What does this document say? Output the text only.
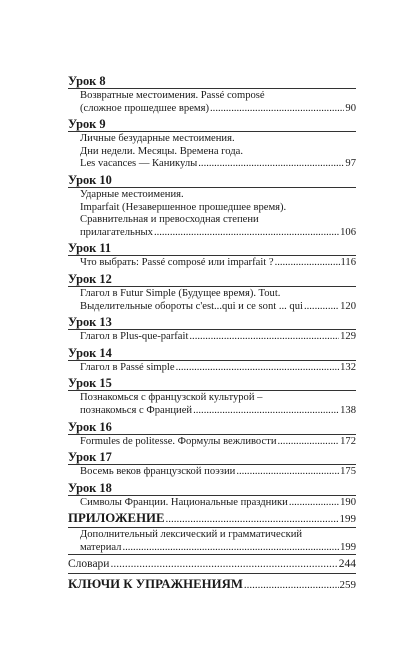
Урок 8
Возвратные местоимения. Passé composé
(сложное прошедшее время) .....	90
Урок 9
Личные безударные местоимения.
Дни недели. Месяцы. Времена года.
Les vacances — Каникулы .....	97
Урок 10
Ударные местоимения.
Imparfait (Незавершенное прошедшее время).
Сравнительная и превосходная степени
прилагательных .....	106
Урок 11
Что выбрать: Passé composé или imparfait ? .....	116
Урок 12
Глагол в Futur Simple (Будущее время). Tout.
Выделительные обороты c'est...qui и ce sont ... qui .....	120
Урок 13
Глагол в Plus-que-parfait .....	129
Урок 14
Глагол в Passé simple .....	132
Урок 15
Познакомься с французской культурой –
познакомься с Францией .....	138
Урок 16
Formules de politesse. Формулы вежливости .....	172
Урок 17
Восемь веков французской поэзии .....	175
Урок 18
Символы Франции. Национальные праздники .....	190
ПРИЛОЖЕНИЕ .....	199
Дополнительный лексический и грамматический
материал .....	199
Словари .....	244
КЛЮЧИ К УПРАЖНЕНИЯМ .....	259
